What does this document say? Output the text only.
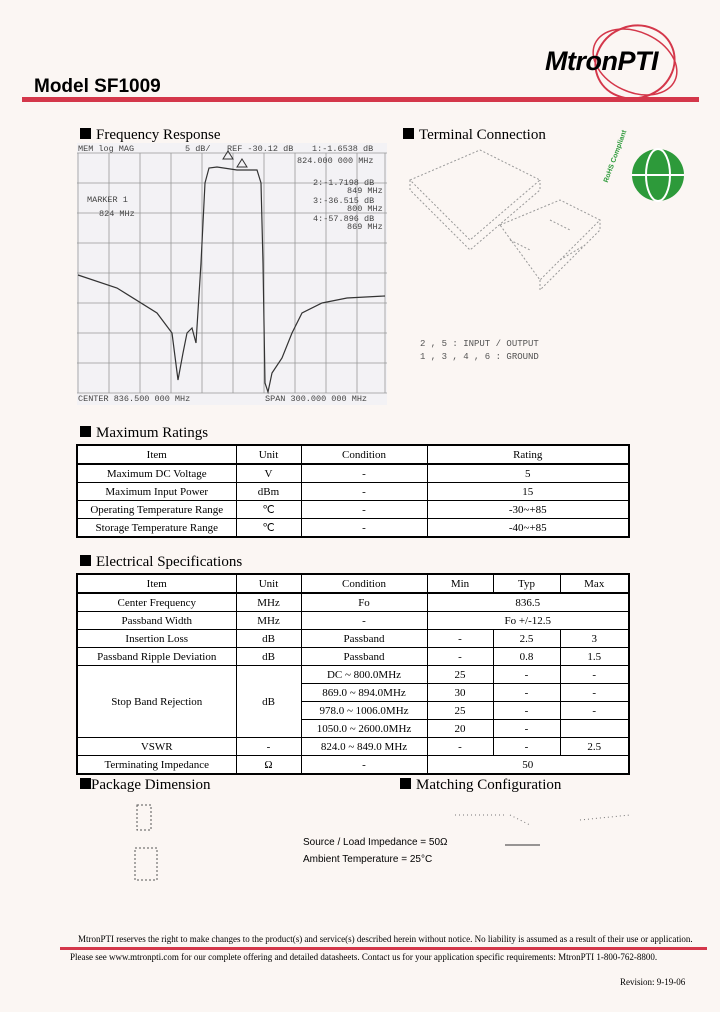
Model SF1009
MtronPTI
Frequency Response	Terminal Connection
MEM log MAG	5 dB/ REF -30.12 dB 1:-1.6538 dB
824.000 000 MHz
2:-1.7198 dB
849 MHz
3:-36.515 dB
800 MHz
4:-57.896 dB
869 MHz
MARKER 1
824 MHz
CENTER 836.500 000 MHz	SPAN 300.000 000 MHz
RoHS Compliant
2 , 5 : INPUT / OUTPUT
1 , 3 , 4 , 6 : GROUND
Maximum Ratings
Item	Unit	Condition	Rating
Maximum DC Voltage	V	-	5
Maximum Input Power	dBm	-	15
Operating Temperature Range	℃	-	-30~+85
Storage Temperature Range	℃	-	-40~+85
Electrical Specifications
Item	Unit	Condition	Min	Typ	Max
Center Frequency	MHz	Fo	836.5		
Passband Width	MHz	-	Fo +/-12.5		
Insertion Loss	dB	Passband	-	2.5	3
Passband Ripple Deviation	dB	Passband	-	0.8	1.5
Stop Band Rejection	dB	DC ~ 800.0MHz	25	-	-
		869.0 ~ 894.0MHz	30	-	-
		978.0 ~ 1006.0MHz	25	-	-
		1050.0 ~ 2600.0MHz	20	-	
VSWR	-	824.0 ~ 849.0 MHz	-	-	2.5
Terminating Impedance	Ω	-	50		
Package Dimension	Matching Configuration
Source / Load Impedance = 50Ω
Ambient Temperature = 25°C
MtronPTI reserves the right to make changes to the product(s) and service(s) described herein without notice. No liability is assumed as a result of their use or application.
Please see www.mtronpti.com for our complete offering and detailed datasheets. Contact us for your application specific requirements: MtronPTI 1-800-762-8800.
Revision: 9-19-06
